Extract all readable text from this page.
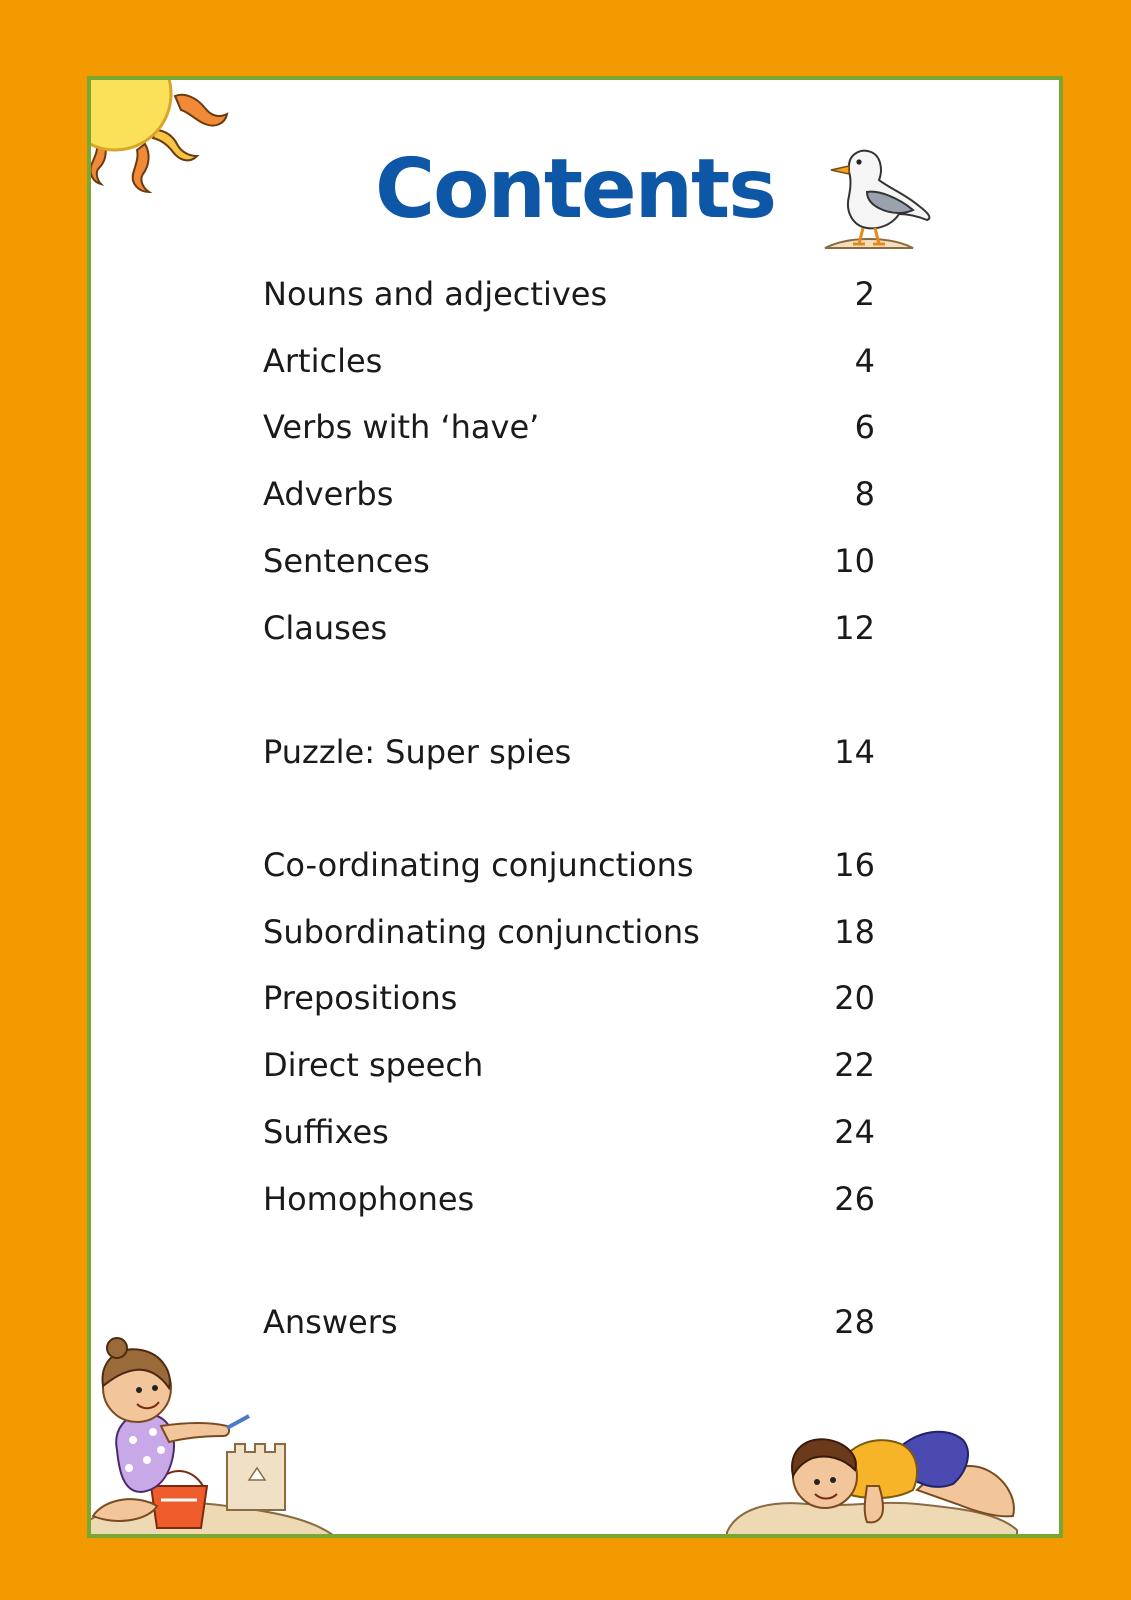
Contents
Nouns and adjectives	2
Articles	4
Verbs with ‘have’	6
Adverbs	8
Sentences	10
Clauses	12
Puzzle: Super spies	14
Co-ordinating conjunctions	16
Subordinating conjunctions	18
Prepositions	20
Direct speech	22
Suffixes	24
Homophones	26
Answers	28
